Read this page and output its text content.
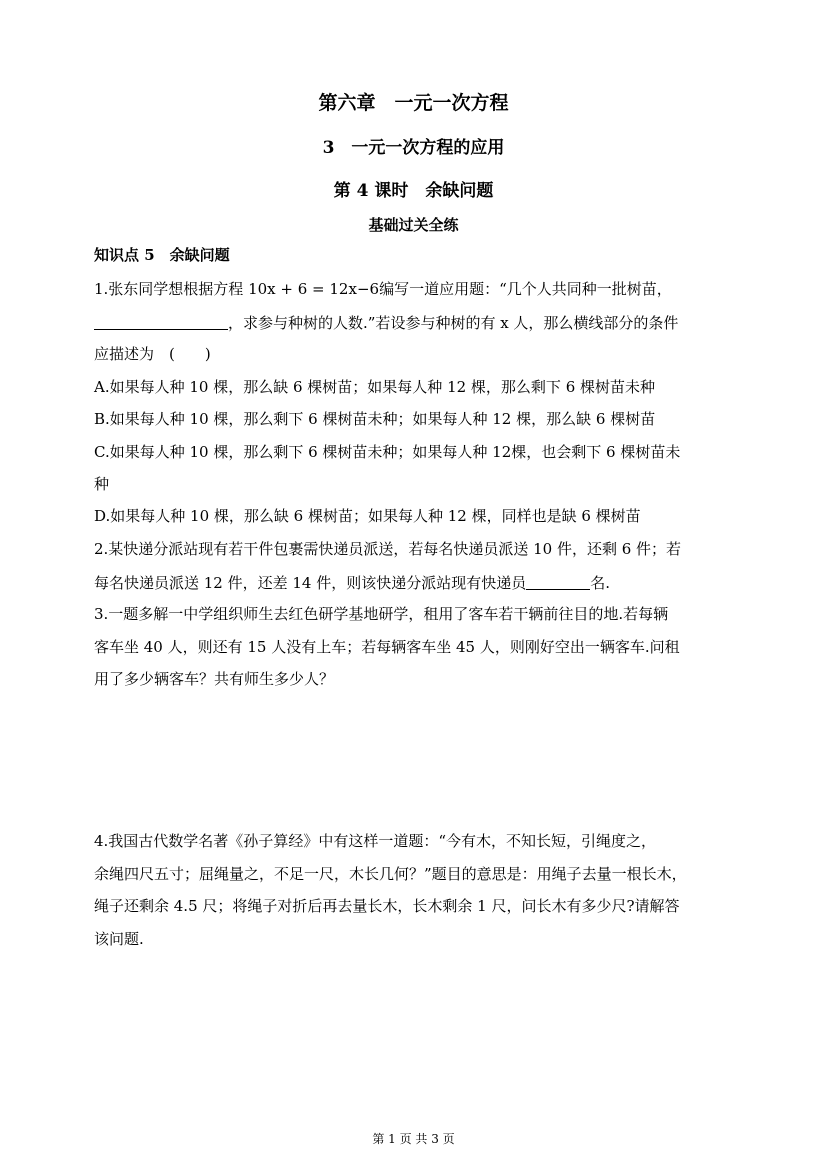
第六章　一元一次方程
3　一元一次方程的应用
第 4 课时　余缺问题
基础过关全练
知识点 5　余缺问题
1.张东同学想根据方程 10x + 6 = 12x−6编写一道应用题：“几个人共同种一批树苗，
，求参与种树的人数.”若设参与种树的有 x 人，那么横线部分的条件
应描述为　(　　)
A.如果每人种 10 棵，那么缺 6 棵树苗；如果每人种 12 棵，那么剩下 6 棵树苗未种
B.如果每人种 10 棵，那么剩下 6 棵树苗未种；如果每人种 12 棵，那么缺 6 棵树苗
C.如果每人种 10 棵，那么剩下 6 棵树苗未种；如果每人种 12棵，也会剩下 6 棵树苗未
种
D.如果每人种 10 棵，那么缺 6 棵树苗；如果每人种 12 棵，同样也是缺 6 棵树苗
2.某快递分派站现有若干件包裹需快递员派送，若每名快递员派送 10 件，还剩 6 件；若
每名快递员派送 12 件，还差 14 件，则该快递分派站现有快递员	名.
3.一题多解一中学组织师生去红色研学基地研学，租用了客车若干辆前往目的地.若每辆
客车坐 40 人，则还有 15 人没有上车；若每辆客车坐 45 人，则刚好空出一辆客车.问租
用了多少辆客车？共有师生多少人？
4.我国古代数学名著《孙子算经》中有这样一道题：“今有木，不知长短，引绳度之，
余绳四尺五寸；屈绳量之，不足一尺，木长几何？”题目的意思是：用绳子去量一根长木，
绳子还剩余 4.5 尺；将绳子对折后再去量长木，长木剩余 1 尺，问长木有多少尺?请解答
该问题.
第 1 页 共 3 页
